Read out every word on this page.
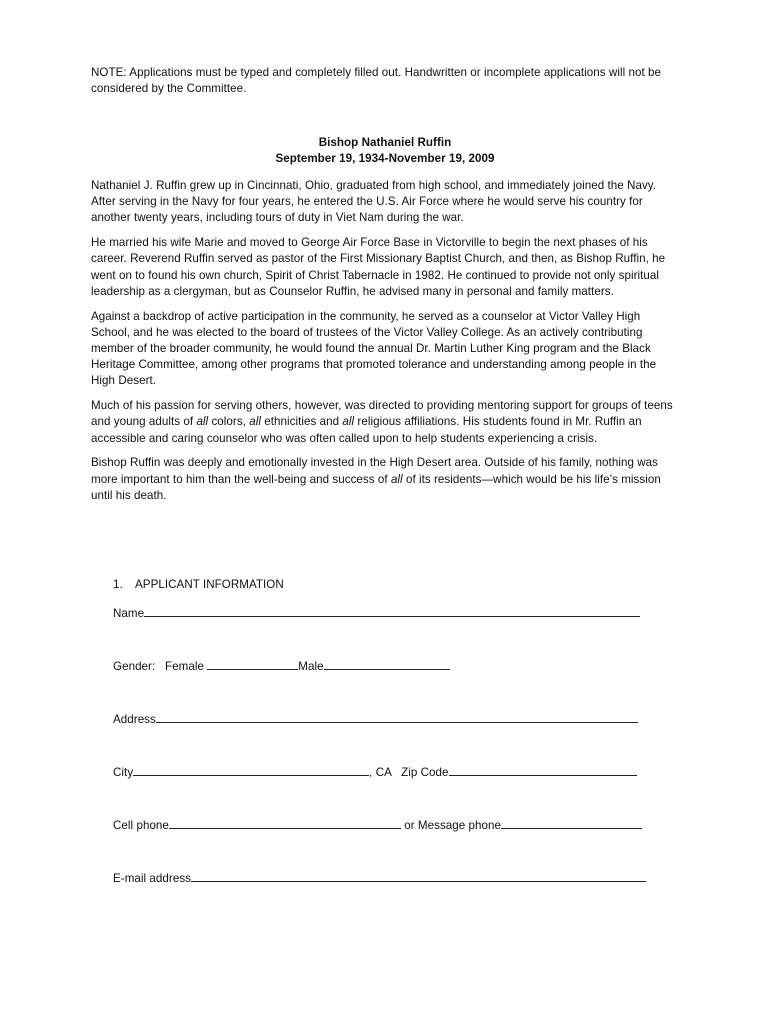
NOTE: Applications must be typed and completely filled out. Handwritten or incomplete applications will not be considered by the Committee.
Bishop Nathaniel Ruffin
September 19, 1934-November 19, 2009

Nathaniel J. Ruffin grew up in Cincinnati, Ohio, graduated from high school, and immediately joined the Navy. After serving in the Navy for four years, he entered the U.S. Air Force where he would serve his country for another twenty years, including tours of duty in Viet Nam during the war.

He married his wife Marie and moved to George Air Force Base in Victorville to begin the next phases of his career. Reverend Ruffin served as pastor of the First Missionary Baptist Church, and then, as Bishop Ruffin, he went on to found his own church, Spirit of Christ Tabernacle in 1982. He continued to provide not only spiritual leadership as a clergyman, but as Counselor Ruffin, he advised many in personal and family matters.

Against a backdrop of active participation in the community, he served as a counselor at Victor Valley High School, and he was elected to the board of trustees of the Victor Valley College. As an actively contributing member of the broader community, he would found the annual Dr. Martin Luther King program and the Black Heritage Committee, among other programs that promoted tolerance and understanding among people in the High Desert.

Much of his passion for serving others, however, was directed to providing mentoring support for groups of teens and young adults of all colors, all ethnicities and all religious affiliations. His students found in Mr. Ruffin an accessible and caring counselor who was often called upon to help students experiencing a crisis.

Bishop Ruffin was deeply and emotionally invested in the High Desert area. Outside of his family, nothing was more important to him than the well-being and success of all of its residents—which would be his life’s mission until his death.

1. APPLICANT INFORMATION
Name
Gender:   Female	Male
Address
City	, CA   Zip Code
Cell phone	or Message phone
E-mail address
